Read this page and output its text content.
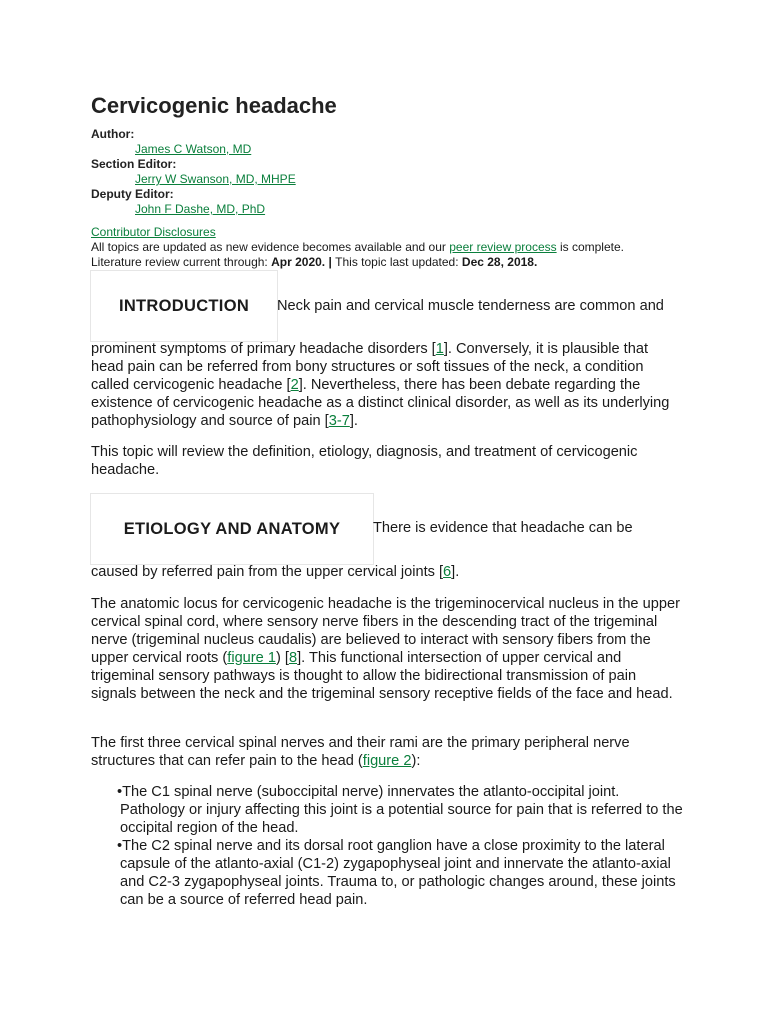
Cervicogenic headache
Author:
James C Watson, MD
Section Editor:
Jerry W Swanson, MD, MHPE
Deputy Editor:
John F Dashe, MD, PhD
Contributor Disclosures
All topics are updated as new evidence becomes available and our peer review process is complete.
Literature review current through: Apr 2020. | This topic last updated: Dec 28, 2018.
INTRODUCTION Neck pain and cervical muscle tenderness are common and

prominent symptoms of primary headache disorders [1]. Conversely, it is plausible that head pain can be referred from bony structures or soft tissues of the neck, a condition called cervicogenic headache [2]. Nevertheless, there has been debate regarding the existence of cervicogenic headache as a distinct clinical disorder, as well as its underlying pathophysiology and source of pain [3-7].

This topic will review the definition, etiology, diagnosis, and treatment of cervicogenic headache.

ETIOLOGY AND ANATOMY There is evidence that headache can be

caused by referred pain from the upper cervical joints [6].

The anatomic locus for cervicogenic headache is the trigeminocervical nucleus in the upper cervical spinal cord, where sensory nerve fibers in the descending tract of the trigeminal nerve (trigeminal nucleus caudalis) are believed to interact with sensory fibers from the upper cervical roots (figure 1) [8]. This functional intersection of upper cervical and trigeminal sensory pathways is thought to allow the bidirectional transmission of pain signals between the neck and the trigeminal sensory receptive fields of the face and head.

The first three cervical spinal nerves and their rami are the primary peripheral nerve structures that can refer pain to the head (figure 2):

•The C1 spinal nerve (suboccipital nerve) innervates the atlanto-occipital joint. Pathology or injury affecting this joint is a potential source for pain that is referred to the occipital region of the head.
•The C2 spinal nerve and its dorsal root ganglion have a close proximity to the lateral capsule of the atlanto-axial (C1-2) zygapophyseal joint and innervate the atlanto-axial and C2-3 zygapophyseal joints. Trauma to, or pathologic changes around, these joints can be a source of referred head pain.
